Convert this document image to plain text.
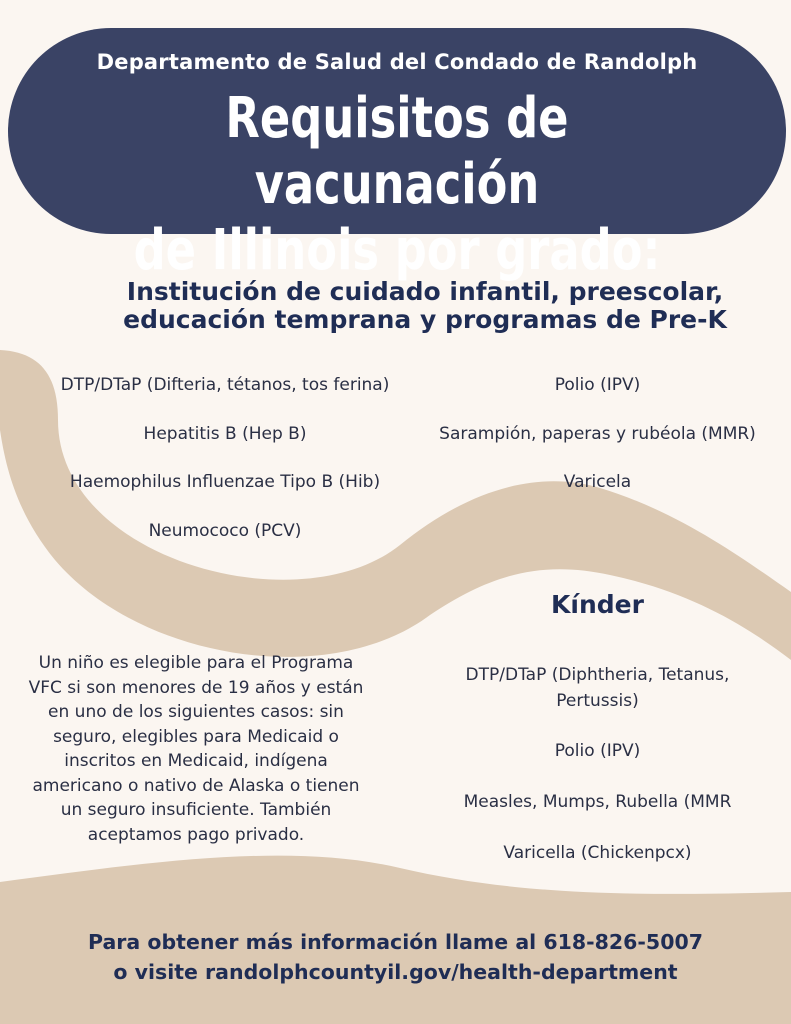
Departamento de Salud del Condado de Randolph
Requisitos de vacunación
de Illinois por grado:
Institución de cuidado infantil, preescolar,
educación temprana y programas de Pre-K
DTP/DTaP (Difteria, tétanos, tos ferina)
Hepatitis B (Hep B)
Haemophilus Influenzae Tipo B (Hib)
Neumococo (PCV)
Polio (IPV)
Sarampión, paperas y rubéola (MMR)
Varicela
Kínder
DTP/DTaP (Diphtheria, Tetanus, Pertussis)
Polio (IPV)
Measles, Mumps, Rubella (MMR
Varicella (Chickenpcx)
Un niño es elegible para el Programa VFC si son menores de 19 años y están en uno de los siguientes casos: sin seguro, elegibles para Medicaid o inscritos en Medicaid, indígena americano o nativo de Alaska o tienen un seguro insuficiente. También aceptamos pago privado.
Para obtener más información llame al 618-826-5007
o visite randolphcountyil.gov/health-department
